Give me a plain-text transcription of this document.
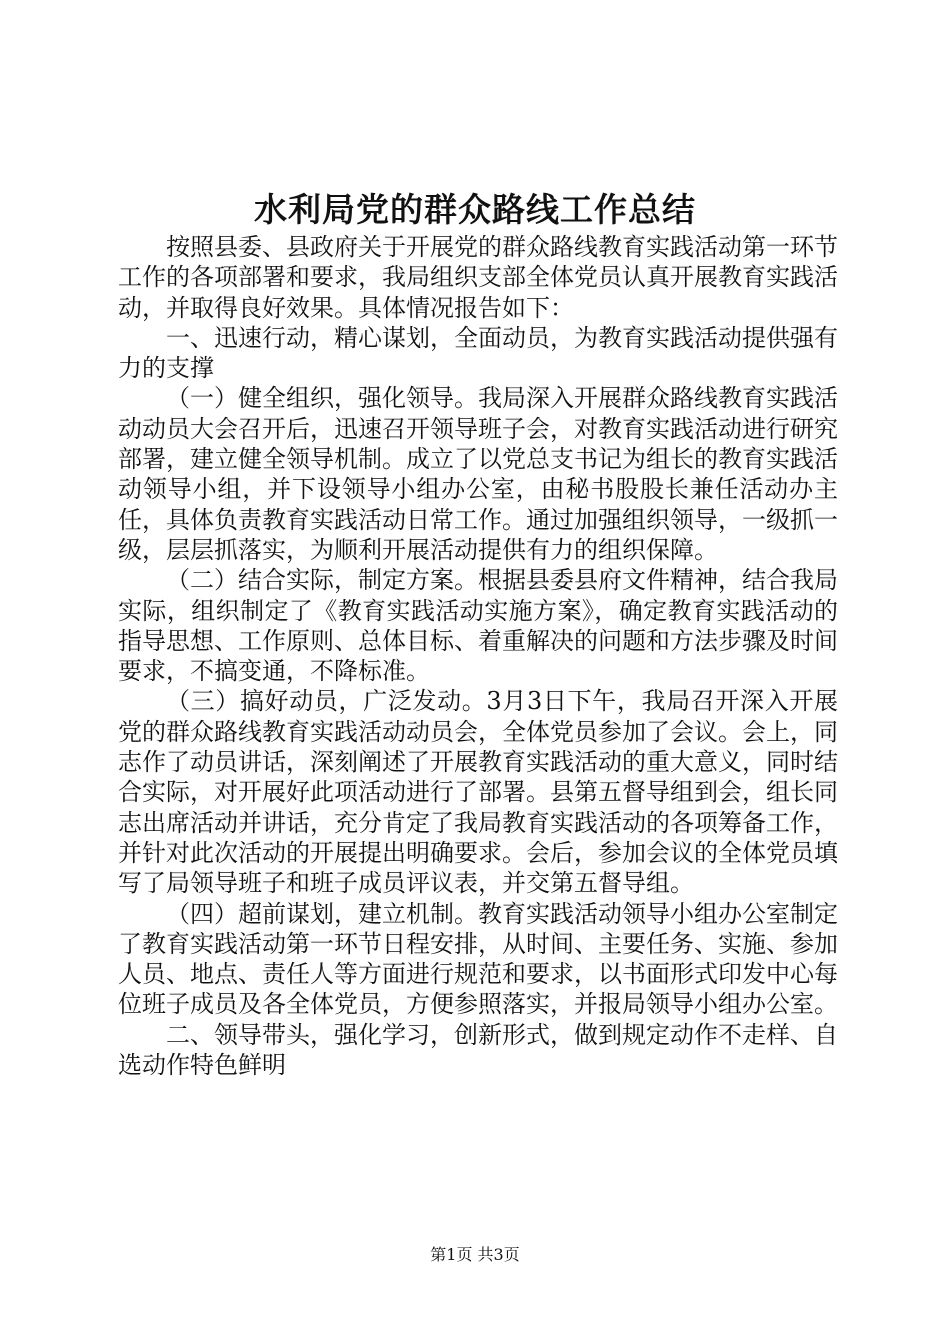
水利局党的群众路线工作总结

按照县委、县政府关于开展党的群众路线教育实践活动第一环节工作的各项部署和要求，我局组织支部全体党员认真开展教育实践活动，并取得良好效果。具体情况报告如下：

一、迅速行动，精心谋划，全面动员，为教育实践活动提供强有力的支撑

（一）健全组织，强化领导。我局深入开展群众路线教育实践活动动员大会召开后，迅速召开领导班子会，对教育实践活动进行研究部署，建立健全领导机制。成立了以党总支书记为组长的教育实践活动领导小组，并下设领导小组办公室，由秘书股股长兼任活动办主任，具体负责教育实践活动日常工作。通过加强组织领导，一级抓一级，层层抓落实，为顺利开展活动提供有力的组织保障。

（二）结合实际，制定方案。根据县委县府文件精神，结合我局实际，组织制定了《教育实践活动实施方案》，确定教育实践活动的指导思想、工作原则、总体目标、着重解决的问题和方法步骤及时间要求，不搞变通，不降标准。

（三）搞好动员，广泛发动。3月3日下午，我局召开深入开展党的群众路线教育实践活动动员会，全体党员参加了会议。会上，同志作了动员讲话，深刻阐述了开展教育实践活动的重大意义，同时结合实际，对开展好此项活动进行了部署。县第五督导组到会，组长同志出席活动并讲话，充分肯定了我局教育实践活动的各项筹备工作，并针对此次活动的开展提出明确要求。会后，参加会议的全体党员填写了局领导班子和班子成员评议表，并交第五督导组。

（四）超前谋划，建立机制。教育实践活动领导小组办公室制定了教育实践活动第一环节日程安排，从时间、主要任务、实施、参加人员、地点、责任人等方面进行规范和要求，以书面形式印发中心每位班子成员及各全体党员，方便参照落实，并报局领导小组办公室。

二、领导带头，强化学习，创新形式，做到规定动作不走样、自选动作特色鲜明

第1页 共3页
